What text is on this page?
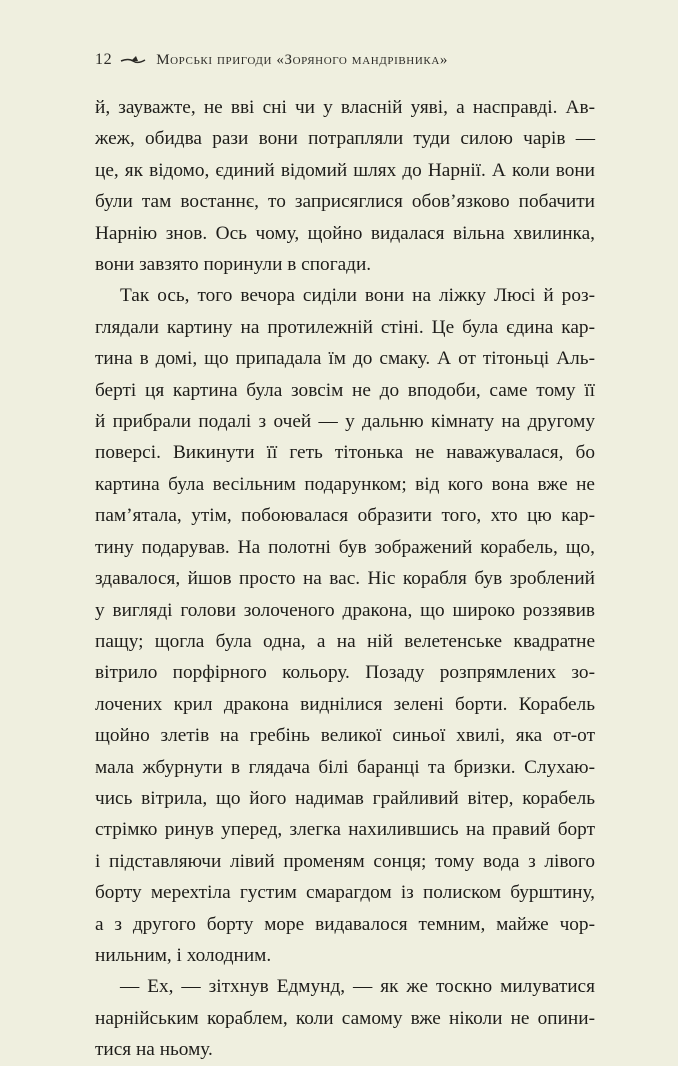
12	Морські пригоди «Зоряного мандрівника»

й, зауважте, не вві сні чи у власній уяві, а насправді. Ав-
жеж, обидва рази вони потрапляли туди силою чарів —
це, як відомо, єдиний відомий шлях до Нарнії. А коли вони
були там востаннє, то заприсяглися обов’язково побачити
Нарнію знов. Ось чому, щойно видалася вільна хвилинка,
вони завзято поринули в спогади.

Так ось, того вечора сиділи вони на ліжку Люсі й роз-
глядали картину на протилежній стіні. Це була єдина кар-
тина в домі, що припадала їм до смаку. А от тітоньці Аль-
берті ця картина була зовсім не до вподоби, саме тому її
й прибрали подалі з очей — у дальню кімнату на другому
поверсі. Викинути її геть тітонька не наважувалася, бо
картина була весільним подарунком; від кого вона вже не
пам’ятала, утім, побоювалася образити того, хто цю кар-
тину подарував. На полотні був зображений корабель, що,
здавалося, йшов просто на вас. Ніс корабля був зроблений
у вигляді голови золоченого дракона, що широко роззявив
пащу; щогла була одна, а на ній велетенське квадратне
вітрило порфірного кольору. Позаду розпрямлених зо-
лочених крил дракона виднілися зелені борти. Корабель
щойно злетів на гребінь великої синьої хвилі, яка от-от
мала жбурнути в глядача білі баранці та бризки. Слухаю-
чись вітрила, що його надимав грайливий вітер, корабель
стрімко ринув уперед, злегка нахилившись на правий борт
і підставляючи лівий променям сонця; тому вода з лівого
борту мерехтіла густим смарагдом із полиском бурштину,
а з другого борту море видавалося темним, майже чор-
нильним, і холодним.

— Ех, — зітхнув Едмунд, — як же тоскно милуватися
нарнійським кораблем, коли самому вже ніколи не опини-
тися на ньому.
